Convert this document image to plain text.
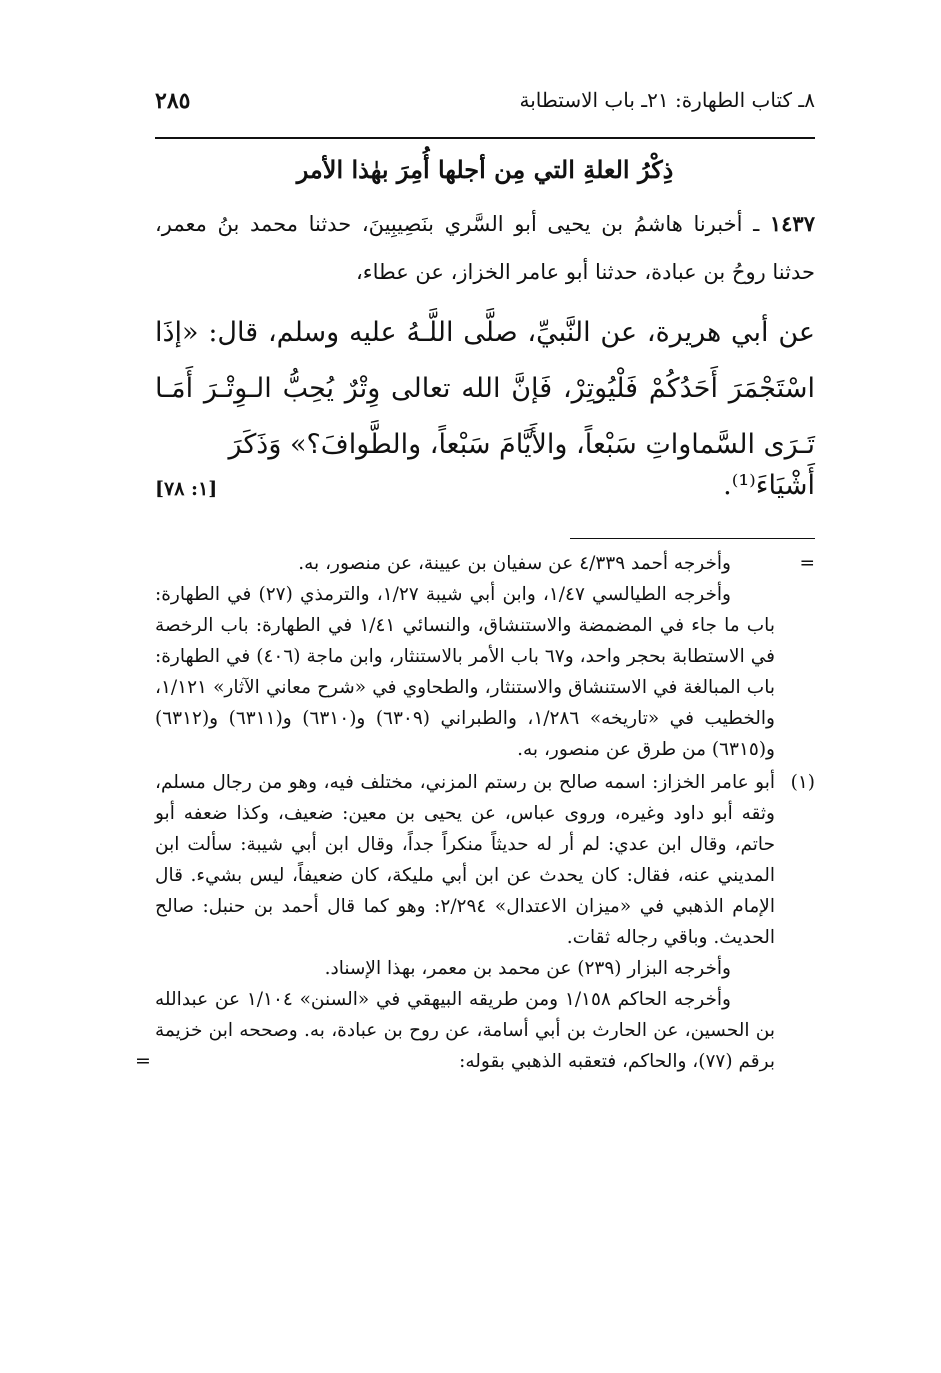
٨ـ كتاب الطهارة: ٢١ـ باب الاستطابة
٢٨٥
ذِكْرُ العلةِ التي مِن أجلها أُمِرَ بهٰذا الأمر
١٤٣٧ ـ أخبرنا هاشمُ بن يحيى أبو السَّري بنَصِيبِينَ، حدثنا محمد بنُ معمر، حدثنا روحُ بن عبادة، حدثنا أبو عامر الخزاز، عن عطاء،
عن أبي هريرة، عن النَّبيِّ، صلَّى اللَّـهُ عليه وسلم، قال: «إذَا اسْتَجْمَرَ أَحَدُكُمْ فَلْيُوتِرْ، فَإنَّ الله تعالى وِتْرٌ يُحِبُّ الـوِتْـرَ أَمَـا تَـرَى السَّماواتِ سَبْعاً، والأَيَّامَ سَبْعاً، والطَّوافَ؟» وَذَكَرَ
أَشْيَاءَ⁽¹⁾.
[١: ٧٨]
=
وأخرجه أحمد ٤/٣٣٩ عن سفيان بن عيينة، عن منصور، به.
وأخرجه الطيالسي ١/٤٧، وابن أبي شيبة ١/٢٧، والترمذي (٢٧) في الطهارة: باب ما جاء في المضمضة والاستنشاق، والنسائي ١/٤١ في الطهارة: باب الرخصة في الاستطابة بحجر واحد، و٦٧ باب الأمر بالاستنثار، وابن ماجة (٤٠٦) في الطهارة: باب المبالغة في الاستنشاق والاستنثار، والطحاوي في «شرح معاني الآثار» ١/١٢١، والخطيب في «تاريخه» ١/٢٨٦، والطبراني (٦٣٠٩) و(٦٣١٠) و(٦٣١١) و(٦٣١٢) و(٦٣١٥) من طرق عن منصور، به.
(١)
أبو عامر الخزاز: اسمه صالح بن رستم المزني، مختلف فيه، وهو من رجال مسلم، وثقه أبو داود وغيره، وروى عباس، عن يحيى بن معين: ضعيف، وكذا ضعفه أبو حاتم، وقال ابن عدي: لم أر له حديثاً منكراً جداً، وقال ابن أبي شيبة: سألت ابن المديني عنه، فقال: كان يحدث عن ابن أبي مليكة، كان ضعيفاً، ليس بشيء. قال الإمام الذهبي في «ميزان الاعتدال» ٢/٢٩٤: وهو كما قال أحمد بن حنبل: صالح الحديث. وباقي رجاله ثقات.
وأخرجه البزار (٢٣٩) عن محمد بن معمر، بهذا الإسناد.
وأخرجه الحاكم ١/١٥٨ ومن طريقه البيهقي في «السنن» ١/١٠٤ عن عبدالله بن الحسين، عن الحارث بن أبي أسامة، عن روح بن عبادة، به. وصححه ابن خزيمة برقم (٧٧)، والحاكم، فتعقبه الذهبي بقوله:
=
